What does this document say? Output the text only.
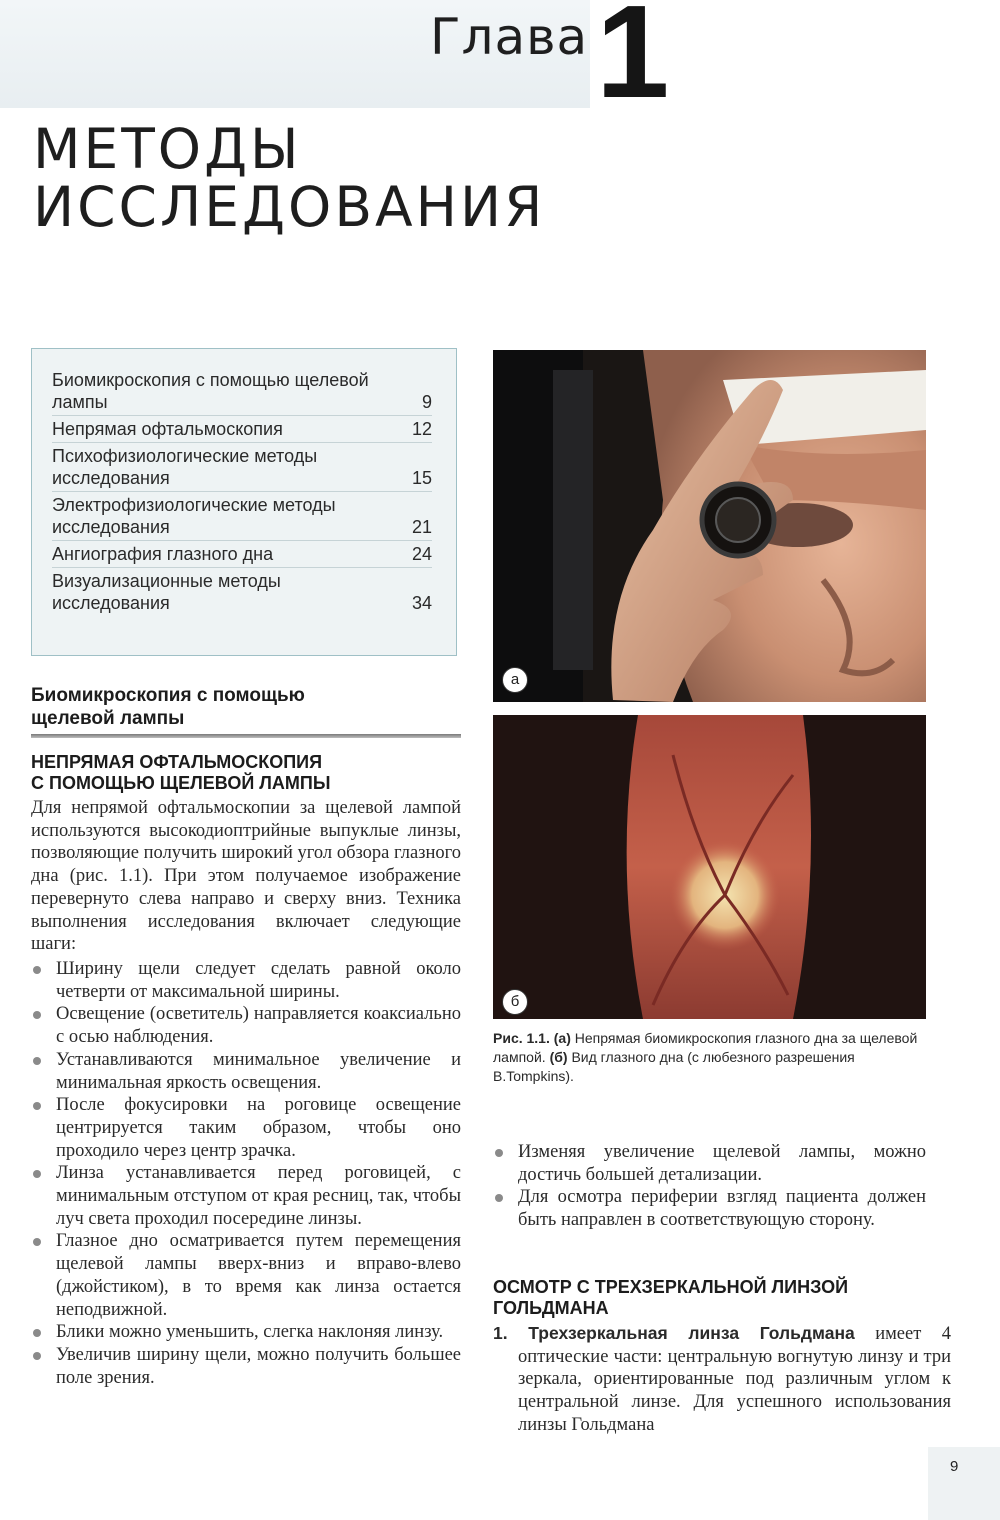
Глава 1
МЕТОДЫ
ИССЛЕДОВАНИЯ
Биомикроскопия с помощью щелевой лампы	9
Непрямая офтальмоскопия	12
Психофизиологические методы исследования	15
Электрофизиологические методы исследования	21
Ангиография глазного дна	24
Визуализационные методы исследования	34
Биомикроскопия с помощью
щелевой лампы
НЕПРЯМАЯ ОФТАЛЬМОСКОПИЯ
С ПОМОЩЬЮ ЩЕЛЕВОЙ ЛАМПЫ
Для непрямой офтальмоскопии за щелевой лампой используются высокодиоптрийные выпуклые линзы, позволяющие получить широкий угол обзора глазного дна (рис. 1.1). При этом получаемое изображение перевернуто слева направо и сверху вниз. Техника выполнения исследования включает следующие шаги:
Ширину щели следует сделать равной около четверти от максимальной ширины.
Освещение (осветитель) направляется коаксиально с осью наблюдения.
Устанавливаются минимальное увеличение и минимальная яркость освещения.
После фокусировки на роговице освещение центрируется таким образом, чтобы оно проходило через центр зрачка.
Линза устанавливается перед роговицей, с минимальным отступом от края ресниц, так, чтобы луч света проходил посередине линзы.
Глазное дно осматривается путем перемещения щелевой лампы вверх-вниз и вправо-влево (джойстиком), в то время как линза остается неподвижной.
Блики можно уменьшить, слегка наклоняя линзу.
Увеличив ширину щели, можно получить большее поле зрения.
а
б
Рис. 1.1. (а) Непрямая биомикроскопия глазного дна за щелевой лампой. (б) Вид глазного дна (с любезного разрешения B.Tompkins).
Изменяя увеличение щелевой лампы, можно достичь большей детализации.
Для осмотра периферии взгляд пациента должен быть направлен в соответствующую сторону.
ОСМОТР С ТРЕХЗЕРКАЛЬНОЙ ЛИНЗОЙ
ГОЛЬДМАНА
1. Трехзеркальная линза Гольдмана имеет 4 оптические части: центральную вогнутую линзу и три зеркала, ориентированные под различным углом к центральной линзе. Для успешного использования линзы Гольдмана
9
